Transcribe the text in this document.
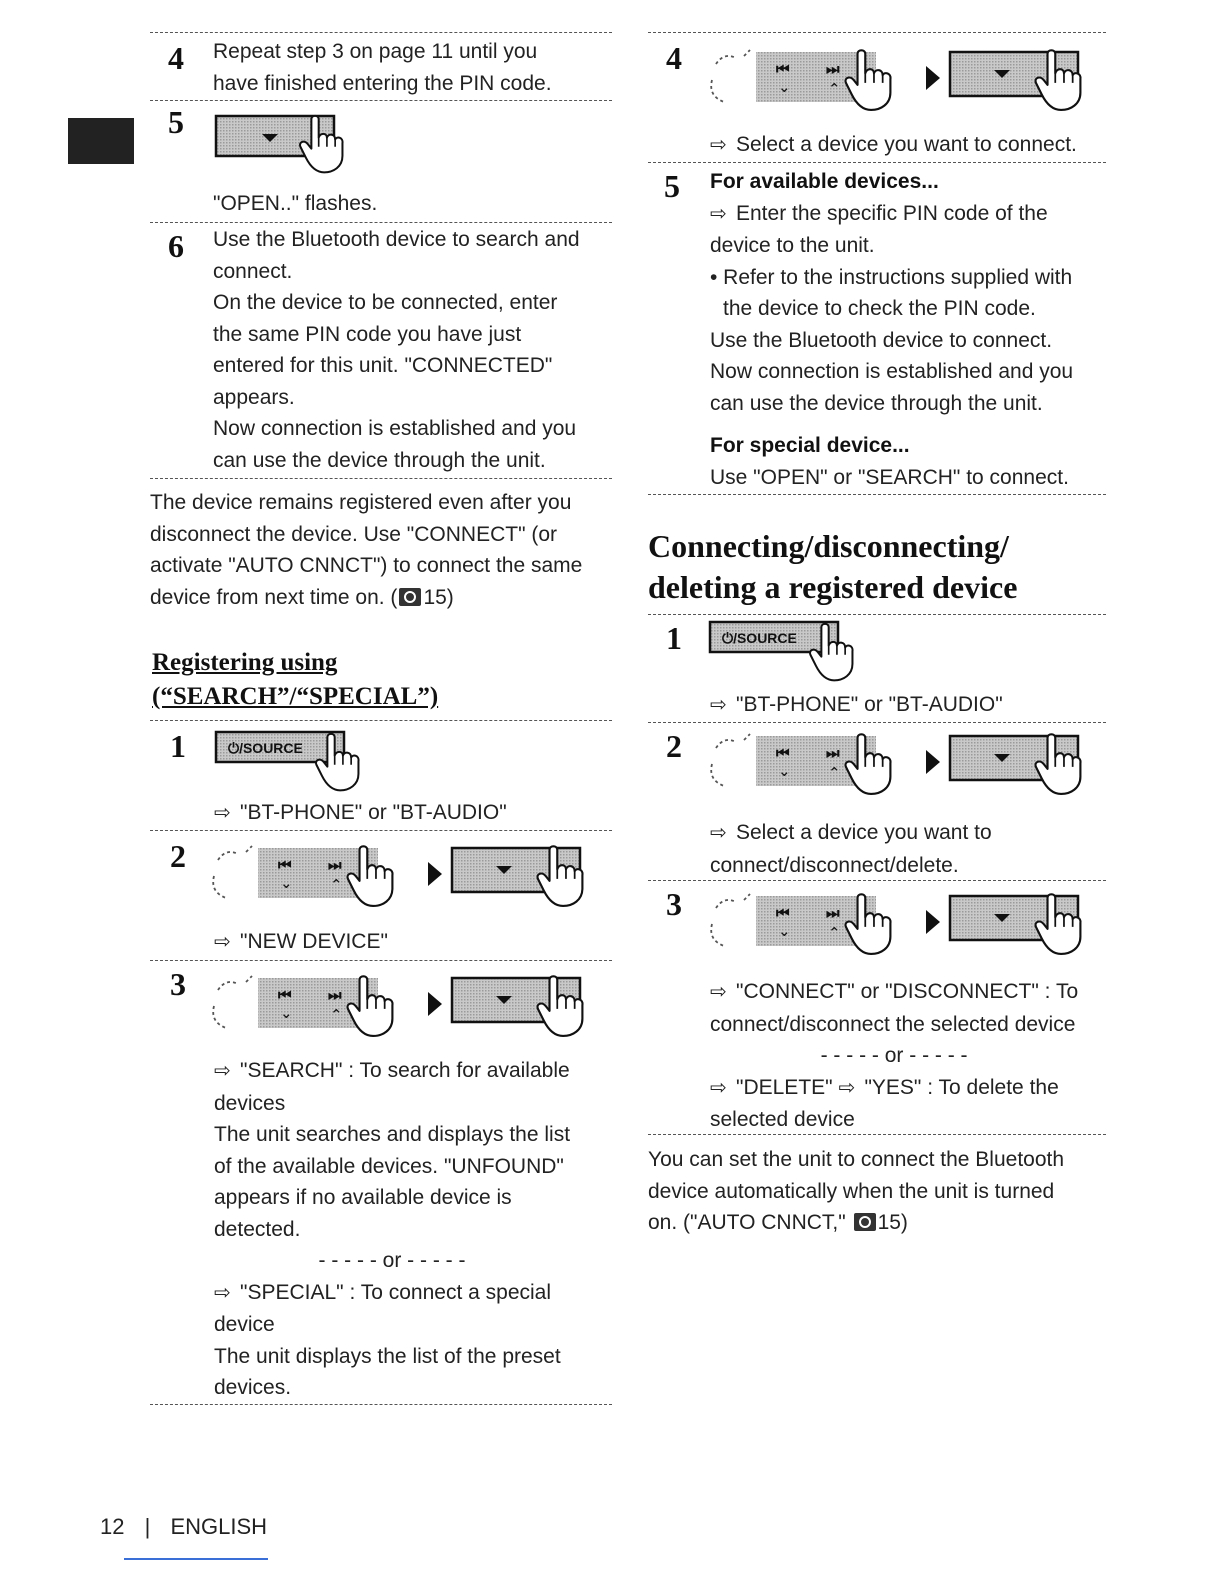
4 Repeat step 3 on page 11 until you
have finished entering the PIN code.
5
"OPEN.." flashes.
6 Use the Bluetooth device to search and
connect.
On the device to be connected, enter
the same PIN code you have just
entered for this unit. "CONNECTED"
appears.
Now connection is established and you
can use the device through the unit.
The device remains registered even after you
disconnect the device. Use "CONNECT" (or
activate "AUTO CNNCT") to connect the same
device from next time on. ( 15)
Registering using
(“SEARCH”/“SPECIAL”)
1	⏻/SOURCE
⇨ "BT-PHONE" or "BT-AUDIO"
2
⇨ "NEW DEVICE"
3
⇨ "SEARCH" : To search for available
devices
The unit searches and displays the list
of the available devices. "UNFOUND"
appears if no available device is
detected.
- - - - - or - - - - -
⇨ "SPECIAL" : To connect a special
device
The unit displays the list of the preset
devices.
4
⇨ Select a device you want to connect.
5 For available devices...
⇨ Enter the specific PIN code of the
device to the unit.
• Refer to the instructions supplied with
the device to check the PIN code.
Use the Bluetooth device to connect.
Now connection is established and you
can use the device through the unit.
For special device...
Use "OPEN" or "SEARCH" to connect.
Connecting/disconnecting/
deleting a registered device
1	⏻/SOURCE
⇨ "BT-PHONE" or "BT-AUDIO"
2
⇨ Select a device you want to
connect/disconnect/delete.
3
⇨ "CONNECT" or "DISCONNECT" : To
connect/disconnect the selected device
- - - - - or - - - - -
⇨ "DELETE" ⇨ "YES" : To delete the
selected device
You can set the unit to connect the Bluetooth
device automatically when the unit is turned
on. ("AUTO CNNCT," 15)
12 | ENGLISH
